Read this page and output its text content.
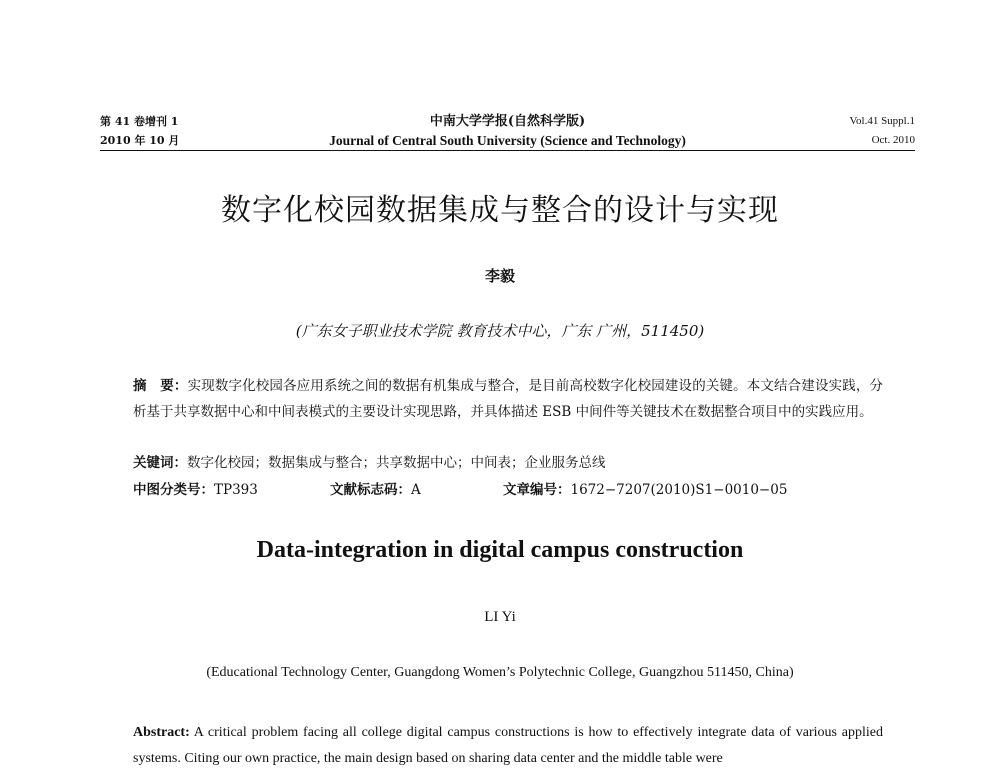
第 41 卷增刊 1
2010 年 10 月
中南大学学报(自然科学版)
Journal of Central South University (Science and Technology)
Vol.41 Suppl.1
Oct. 2010
数字化校园数据集成与整合的设计与实现
李毅
(广东女子职业技术学院 教育技术中心，广东 广州，511450)
摘　要：实现数字化校园各应用系统之间的数据有机集成与整合，是目前高校数字化校园建设的关键。本文结合建设实践，分析基于共享数据中心和中间表模式的主要设计实现思路，并具体描述 ESB 中间件等关键技术在数据整合项目中的实践应用。
关键词：数字化校园；数据集成与整合；共享数据中心；中间表；企业服务总线
中图分类号：TP393	文献标志码：A	文章编号：1672−7207(2010)S1−0010−05
Data-integration in digital campus construction
LI Yi
(Educational Technology Center, Guangdong Women’s Polytechnic College, Guangzhou 511450, China)
Abstract: A critical problem facing all college digital campus constructions is how to effectively integrate data of various applied systems. Citing our own practice, the main design based on sharing data center and the middle table were
